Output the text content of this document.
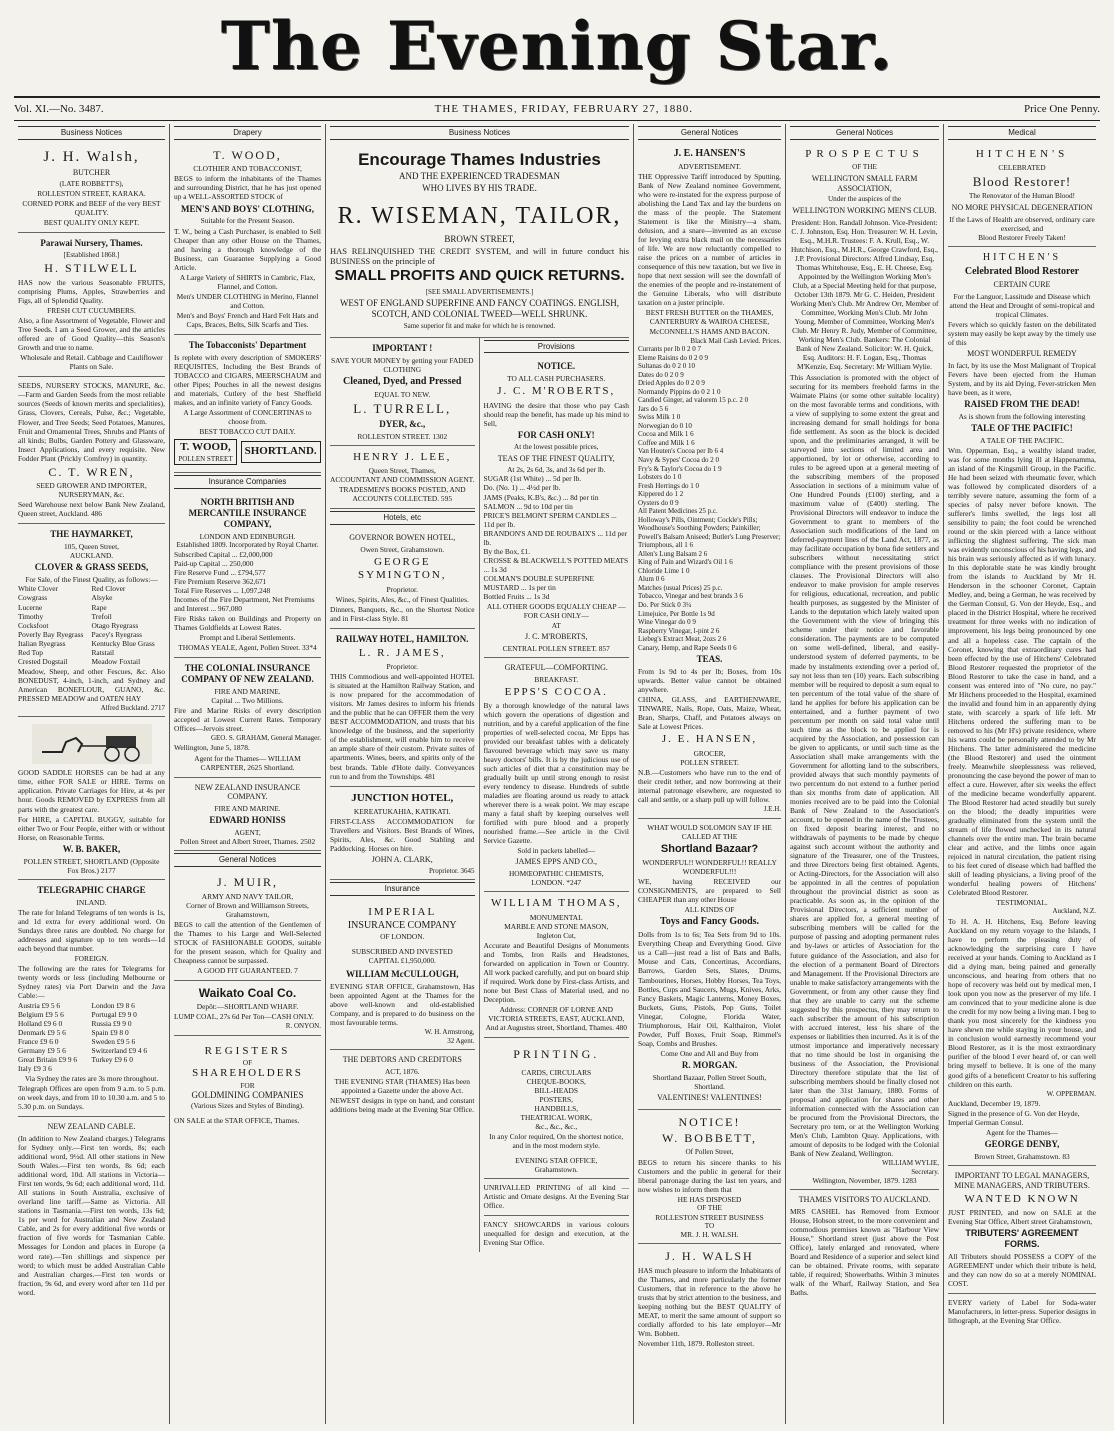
The Evening Star.
Vol. XI.—No. 3487.	THE THAMES, FRIDAY, FEBRUARY 27, 1880.	Price One Penny.
Business Notices
J. H. Walsh,
BUTCHER
(LATE ROBBETT'S),
ROLLESTON STREET, KARAKA.

CORNED PORK and BEEF of the very BEST QUALITY.

BEST QUALITY ONLY KEPT.

Parawai Nursery, Thames.
[Established 1868.]
H. STILWELL

HAS now the various Seasonable FRUITS, comprising Plums, Apples, Strawberries and Figs, all of Splendid Quality.

FRESH CUT CUCUMBERS.

Also, a fine Assortment of Vegetable, Flower and Tree Seeds. I am a Seed Grower, and the articles offered are of Good Quality—this Season's Growth and true to name.

Wholesale and Retail. Cabbage and Cauliflower Plants on Sale.

SEEDS, NURSERY STOCKS, MANURE, &c.—Farm and Garden Seeds from the most reliable sources (Seeds of known merits and specialities), Grass, Clovers, Cereals, Pulse, &c.; Vegetable, Flower, and Tree Seeds; Seed Potatoes, Manures, Fruit and Ornamental Trees, Shrubs and Plants of all kinds; Bulbs, Garden Pottery and Glassware, Insect Applications, and every requisite. New Fodder Plant (Prickly Comfrey) in quantity.

C. T. WREN,

SEED GROWER AND IMPORTER, NURSERYMAN, &c.

Seed Warehouse next below Bank New Zealand, Queen street, Auckland. 486

THE HAYMARKET,
105, Queen Street,
AUCKLAND.
CLOVER & GRASS SEEDS,
For Sale, of the Finest Quality, as follows:—
White Clover	Red Clover
Cowgrass	Alsyke
Lucerne	Rape
Timothy	Trefoil
Cocksfoot	Otago Ryegrass
Poverly Bay Ryegrass	Pacey's Ryegrass
Italian Ryegrass	Kentucky Blue Grass
Red Top	Ratstail
Crested Dogstail	Meadow Foxtail

Meadow, Sheep, and other Fescues, &c. Also BONEDUST, 4-inch, 1-inch, and Sydney and American BONEFLOUR, GUANO, &c. PRESSED MEADOW and OATEN HAY

Alfred Buckland. 2717

GOOD SADDLE HORSES can be had at any time, either FOR SALE or HIRE. Terms on application. Private Carriages for Hire, at 4s per hour. Goods REMOVED by EXPRESS from all parts with the greatest care.

For HIRE, a CAPITAL BUGGY, suitable for either Two or Four People, either with or without Horse, on Reasonable Terms.

W. B. BAKER,
POLLEN STREET, SHORTLAND (Opposite Fox Bros.) 2177
TELEGRAPHIC CHARGE
INLAND.

The rate for Inland Telegrams of ten words is 1s, and 1d extra for every additional word. On Sundays three rates are doubled. No charge for addresses and signature up to ten words—1d each beyond that number.

FOREIGN.

The following are the rates for Telegrams for twenty words or less (including Melbourne or Sydney rates) via Port Darwin and the Java Cable:—

Austria £9 5 6	London £9 8 6
Belgium £9 5 6	Portugal £9 9 0
Holland £9 6 0	Russia £9 9 0
Denmark £9 5 6	Spain £9 8 0
France £9 6 0	Sweden £9 5 6
Germany £9 5 6	Switzerland £9 4 6
Great Britain £9 9 6	Turkey £9 6 0
Italy £9 3 6

Via Sydney the rates are 3s more throughout.

Telegraph Offices are open from 9 a.m. to 5 p.m. on week days, and from 10 to 10.30 a.m. and 5 to 5.30 p.m. on Sundays.

NEW ZEALAND CABLE.

(In addition to New Zealand charges.) Telegrams for Sydney only.—First ten words, 8s; each additional word, 9½d. All other stations in New South Wales.—First ten words, 8s 6d; each additional word, 10d. All stations in Victoria—First ten words, 9s 6d; each additional word, 11d. All stations in South Australia, exclusive of overland line tariff.—Same as Victoria. All stations in Tasmania.—First ten words, 13s 6d; 1s per word for Australian and New Zealand Cable, and 2s for every additional five words or fraction of five words for Tasmanian Cable. Messages for London and places in Europe (a word rate).—Ten shillings and sixpence per word; to which must be added Australian Cable and Australian charges.—First ten words or fraction, 9s 6d, and every word after ten 11d per word.

Drapery
T. WOOD,
CLOTHIER AND TOBACCONIST,

BEGS to inform the inhabitants of the Thames and surrounding District, that he has just opened up a WELL-ASSORTED STOCK of

MEN'S AND BOYS' CLOTHING,
Suitable for the Present Season.

T. W., being a Cash Purchaser, is enabled to Sell Cheaper than any other House on the Thames, and having a thorough knowledge of the Business, can Guarantee Supplying a Good Article.

A Large Variety of SHIRTS in Cambric, Flax, Flannel, and Cotton.

Men's UNDER CLOTHING in Merino, Flannel and Cotton.

Men's and Boys' French and Hard Felt Hats and Caps, Braces, Belts, Silk Scarfs and Ties.

The Tobacconists' Department

Is replete with every description of SMOKERS' REQUISITES, Including the Best Brands of TOBACCO and CIGARS, MEERSCHAUM and other Pipes; Pouches in all the newest designs and materials, Cutlery of the best Sheffield makes, and an infinite variety of Fancy Goods.

A Large Assortment of CONCERTINAS to choose from.

BEST TOBACCO CUT DAILY.

T. WOOD,
POLLEN STREET
SHORTLAND.
Insurance Companies
NORTH BRITISH AND MERCANTILE INSURANCE COMPANY,
LONDON AND EDINBURGH.
Established 1809. Incorporated by Royal Charter.
Subscribed Capital ... £2,000,000
Paid-up Capital ... 250,000
Fire Reserve Fund ... £794,577
Fire Premium Reserve 362,671
Total Fire Reserves ... 1,097,248
Incomes of the Fire Department, Net Premiums and Interest ... 967,080

Fire Risks taken on Buildings and Property on Thames Goldfields at Lowest Rates.

Prompt and Liberal Settlements.

THOMAS YEALE, Agent, Pollen Street. 33*4

THE COLONIAL INSURANCE COMPANY OF NEW ZEALAND.
FIRE AND MARINE.
Capital ... Two Millions.

Fire and Marine Risks of every description accepted at Lowest Current Rates. Temporary Offices—Jervois street.

GEO. S. GRAHAM, General Manager.

Wellington, June 5, 1878.

Agent for the Thames— WILLIAM CARPENTER, 2625 Shortland.

NEW ZEALAND INSURANCE COMPANY.
FIRE AND MARINE.
EDWARD HONISS
AGENT,
Pollen Street and Albert Street, Thames. 2502
General Notices
J. MUIR,
ARMY AND NAVY TAILOR,
Corner of Brown and Williamson Streets, Grahamstown,

BEGS to call the attention of the Gentlemen of the Thames to his Large and Well-Selected STOCK of FASHIONABLE GOODS, suitable for the present season, which for Quality and Cheapness cannot be surpassed.

A GOOD FIT GUARANTEED. 7

Waikato Coal Co.
Depôt:—SHORTLAND WHARF.

LUMP COAL, 27s 6d Per Ton—CASH ONLY.

R. ONYON.
REGISTERS
OF
SHAREHOLDERS
FOR
GOLDMINING COMPANIES
(Various Sizes and Styles of Binding).

ON SALE at the STAR OFFICE, Thames.

Business Notices
Encourage Thames Industries
AND THE EXPERIENCED TRADESMAN
WHO LIVES BY HIS TRADE.
R. WISEMAN, TAILOR,
BROWN STREET,

HAS RELINQUISHED THE CREDIT SYSTEM, and will in future conduct his BUSINESS on the principle of

SMALL PROFITS AND QUICK RETURNS.
[SEE SMALL ADVERTISEMENTS.]
WEST OF ENGLAND SUPERFINE AND FANCY COATINGS. ENGLISH, SCOTCH, AND COLONIAL TWEED—WELL SHRUNK.
Same superior fit and make for which he is renowned.
IMPORTANT !

SAVE YOUR MONEY by getting your FADED CLOTHING

Cleaned, Dyed, and Pressed
EQUAL TO NEW.
L. TURRELL,
DYER, &c.,
ROLLESTON STREET. 1302
HENRY J. LEE,
Queen Street, Thames,
ACCOUNTANT AND COMMISSION AGENT.

TRADESMEN'S BOOKS POSTED, AND ACCOUNTS COLLECTED. 595

Hotels, etc
GOVERNOR BOWEN HOTEL,
Owen Street, Grahamstown.
GEORGE SYMINGTON,
Proprietor.

Wines, Spirits, Ales, &c., of Finest Qualities.

Dinners, Banquets, &c., on the Shortest Notice and in First-class Style. 81

RAILWAY HOTEL, HAMILTON.
L. R. JAMES,
Proprietor.

THIS Commodious and well-appointed HOTEL is situated at the Hamilton Railway Station, and is now prepared for the accommodation of visitors. Mr James desires to inform his friends and the public that he can OFFER them the very BEST ACCOMMODATION, and trusts that his knowledge of the business, and the superiority of the establishment, will enable him to receive an ample share of their custom. Private suites of apartments. Wines, beers, and spirits only of the best brands. Table d'Hote daily. Conveyances run to and from the Townships. 481

JUNCTION HOTEL,
KEREATUKAHIA, KATIKATI.

FIRST-CLASS ACCOMMODATION for Travellers and Visitors. Best Brands of Wines, Spirits, Ales, &c. Good Stabling and Paddocking. Horses on hire.

JOHN A. CLARK,
Proprietor. 3645
Insurance
IMPERIAL
INSURANCE COMPANY
OF LONDON.
SUBSCRIBED AND INVESTED
CAPITAL £1,950,000.
WILLIAM McCULLOUGH,

EVENING STAR OFFICE, Grahamstown, Has been appointed Agent at the Thames for the above well-known and old-established Company, and is prepared to do business on the most favourable terms.

W. H. Armstrong,
32 Agent.
THE DEBTORS AND CREDITORS
ACT, 1876.

THE EVENING STAR (THAMES) Has been appointed a Gazette under the above Act.

NEWEST designs in type on hand, and constant additions being made at the Evening Star Office.

Provisions
NOTICE.
TO ALL CASH PURCHASERS.
J. C. M'ROBERTS,

HAVING the desire that those who pay Cash should reap the benefit, has made up his mind to Sell,

FOR CASH ONLY!
At the lowest possible prices,
TEAS OF THE FINEST QUALITY,
At 2s, 2s 6d, 3s, and 3s 6d per lb.
SUGAR (1st White) ... 5d per lb.
Do. (No. 1) ... 4½d per lb.
JAMS (Peaks, K.B's, &c.) ... 8d per tin
SALMON ... 9d to 10d per tin
PRICE'S BELMONT SPERM CANDLES ... 11d per lb.
BRANDON'S AND DE ROUBAIX'S ... 11d per lb.
By the Box, £1.
CROSSE & BLACKWELL'S POTTED MEATS ... 1s 3d
COLMAN'S DOUBLE SUPERFINE MUSTARD ... 1s per tin
Bottled Fruits ... 1s 3d

ALL OTHER GOODS EQUALLY CHEAP —FOR CASH ONLY—

AT
J. C. M'ROBERTS,
CENTRAL POLLEN STREET. 857
GRATEFUL—COMFORTING.
BREAKFAST.
EPPS'S COCOA.

By a thorough knowledge of the natural laws which govern the operations of digestion and nutrition, and by a careful application of the fine properties of well-selected cocoa, Mr Epps has provided our breakfast tables with a delicately flavoured beverage which may save us many heavy doctors' bills. It is by the judicious use of such articles of diet that a constitution may be gradually built up until strong enough to resist every tendency to disease. Hundreds of subtle maladies are floating around us ready to attack wherever there is a weak point. We may escape many a fatal shaft by keeping ourselves well fortified with pure blood and a properly nourished frame.—See article in the Civil Service Gazette.

Sold in packets labelled—
JAMES EPPS AND CO.,
HOMŒOPATHIC CHEMISTS,
LONDON. *247
WILLIAM THOMAS,
MONUMENTAL
MARBLE AND STONE MASON,
Ingleton Cut,

Accurate and Beautiful Designs of Monuments and Tombs, Iron Rails and Headstones, forwarded on application in Town or Country. All work packed carefully, and put on board ship if required. Work done by First-class Artists, and none but Best Class of Material used, and no Deception.

Address: CORNER OF LORNE AND VICTORIA STREETS, EAST, AUCKLAND, And at Augustus street, Shortland, Thames. 480

PRINTING.
CARDS, CIRCULARS
CHEQUE-BOOKS,
BILL-HEADS
POSTERS,
HANDBILLS,
THEATRICAL WORK,
&c., &c., &c.,

In any Color required, On the shortest notice, and in the most modern style.

EVENING STAR OFFICE,
Grahamstown.

UNRIVALLED PRINTING of all kind — Artistic and Ornate designs. At the Evening Star Office.

FANCY SHOWCARDS in various colours unequalled for design and execution, at the Evening Star Office.

General Notices
J. E. HANSEN'S
ADVERTISEMENT.

THE Oppressive Tariff introduced by Sputting, Bank of New Zealand nominee Government, who were re-instated for the express purpose of abolishing the Land Tax and lay the burdens on the mass of the people. The Statement Statement is like the Ministry—a sham, delusion, and a snare—invented as an excuse for levying extra black mail on the necessaries of life. We are now reluctantly compelled to raise the prices on a number of articles in consequence of this new taxation, but we live in hope that next session will see the downfall of the enemies of the people and re-instatement of the Genuine Liberals, who will distribute taxation on a juster principle.

BEST FRESH BUTTER on the THAMES, CANTERBURY & WAIROA CHEESE, McCONNELL'S HAMS AND BACON.

Black Mail Cash Levied. Prices.
Currants per lb 0 2 0 7
Eleme Raisins do 0 2 0 9
Sultanas do 0 2 0 10
Dates do 0 2 0 9
Dried Apples do 0 2 0 9
Normandy Pippins do 0 2 1 0
Candied Ginger, ad valorem 15 p.c. 2 0
Jars do 5 6
Swiss Milk 1 0
Norwegian do 0 10
Cocoa and Milk 1 6
Coffee and Milk 1 6
Van Houten's Cocoa per lb 6 4
Navy & Sypes' Cocoa do 2 0
Fry's & Taylor's Cocoa do 1 9
Lobsters do 1 0
Fresh Herrings do 1 0
Kippered do 1 2
Oysters do 0 9
All Patent Medicines 25 p.c.
Holloway's Pills, Ointment; Cockle's Pills; Woodhouse's Soothing Powders; Painkiller; Powell's Balsam Aniseed; Butler's Lung Preserver; Triumphous, all 1 6
Allen's Lung Balsam 2 6
King of Pain and Wizard's Oil 1 6
Chloride Lime 1 0
Alum 0 6
Matches (usual Prices) 25 p.c.
Tobacco, Vinegar and best brands 3 6
Do. Per Stick 0 3¼
Limejuice, Per Bottle 1s 9d
Wine Vinegar do 0 9
Raspberry Vinegar, l-pint 2 6
Liebeg's Extract Meat, 2ozs 2 6
Canary, Hemp, and Rape Seeds 0 6
TEAS.

From 1s 9d to 4s per lb; Boxes, from 10s upwards. Better value cannot be obtained anywhere.

CHINA, GLASS, and EARTHENWARE, TINWARE, Nails, Rope, Oats, Maize, Wheat, Bran, Sharps, Chaff, and Potatoes always on Sale at Lowest Prices.

J. E. HANSEN,
GROCER,
POLLEN STREET.

N.B.—Customers who have run to the end of their credit tether, and now borrowing at their internal patronage elsewhere, are requested to call and settle, or a sharp pull up will follow.

J.E.H.

WHAT WOULD SOLOMON SAY IF HE CALLED AT THE

Shortland Bazaar?

WONDERFUL!! WONDERFUL!! REALLY WONDERFUL!!!

WE, having RECEIVED our CONSIGNMENTS, are prepared to Sell CHEAPER than any other House

ALL KINDS OF
Toys and Fancy Goods.

Dolls from 1s to 6s; Tea Sets from 9d to 10s. Everything Cheap and Everything Good. Give us a Call—just read a list of Bats and Balls, Mouse and Cats, Concertinas, Accordians, Barrows, Garden Sets, Slates, Drums, Tambourines, Horses, Hobby Horses, Tea Toys, Bottles, Cups and Saucers, Mugs, Knives, Arks, Fancy Baskets, Magic Lanterns, Money Boxes, Buckets, Guns, Pistols, Pop Guns, Toilet Vinegar, Cologne, Florida Water, Triumphorous, Hair Oil, Kalthairon, Violet Powder, Puff Boxes, Fruit Soap, Rimmel's Soap, Combs and Brushes.

Come One and All and Buy from
R. MORGAN.
Shortland Bazaar, Pollen Street South, Shortland.
VALENTINES! VALENTINES!
NOTICE!
W. BOBBETT,
Of Pollen Street,

BEGS to return his sincere thanks to his Customers and the public in general for their liberal patronage during the last ten years, and now wishes to inform them that

HE HAS DISPOSED
OF THE
ROLLESTON STREET BUSINESS
TO
MR. J. H. WALSH.
J. H. WALSH

HAS much pleasure to inform the Inhabitants of the Thames, and more particularly the former Customers, that in reference to the above he trusts that by strict attention to the business, and keeping nothing but the BEST QUALITY of MEAT, to merit the same amount of support so cordially afforded to his late employer—Mr Wm. Bobbett.

November 11th, 1879. Rolleston street.

General Notices
PROSPECTUS
OF THE
WELLINGTON SMALL FARM ASSOCIATION,
Under the auspices of the
WELLINGTON WORKING MEN'S CLUB.

President: Hon. Randall Johnson. Vice-President: C. J. Johnston, Esq. Hon. Treasurer: W. H. Levin, Esq., M.H.R. Trustees: F. A. Krull, Esq., W. Hutchison, Esq., M.H.R., George Crawford, Esq., J.P. Provisional Directors: Alfred Lindsay, Esq, Thomas Whitehouse, Esq., E. H. Cheese, Esq. Appointed by the Wellington Working Men's Club, at a Special Meeting held for that purpose, October 13th 1879. Mr G. C. Heiden, President Working Men's Club. Mr Andrew Orr, Member of Committee, Working Men's Club. Mr John Young, Member of Committee, Working Men's Club. Mr Henry R. Judy, Member of Committee, Working Men's Club. Bankers: The Colonial Bank of New Zealand. Solicitor: W. H. Quick, Esq. Auditors: H. F. Logan, Esq., Thomas M'Kenzie, Esq. Secretary: Mr William Wylie.

This Association is promoted with the object of securing for its members freehold farms in the Waimate Plains (or some other suitable locality) on the most favorable terms and conditions, with a view of supplying to some extent the great and increasing demand for small holdings for bona fide settlement. As soon as the block is decided upon, and the preliminaries arranged, it will be surveyed into sections of limited area and apportioned, by lot or otherwise, according to rules to be agreed upon at a general meeting of the subscribing members of the proposed Association in sections of a minimum value of One Hundred Pounds (£100) sterling, and a maximum value of (£400) sterling. The Provisional Directors will endeavor to induce the Government to grant to members of the Association such modifications of the land on deferred-payment lines of the Land Act, 1877, as may facilitate occupation by bona fide settlers and subscribers without necessitating strict compliance with the present provisions of those clauses. The Provisional Directors will also endeavor to make provision for ample reserves for religious, educational, recreation, and public health purposes, as suggested by the Minister of Lands to the deputation which lately waited upon the Government with the view of bringing this scheme under their notice and favorable consideration. The payments are to be computed on some well-defined, liberal, and easily-understood system of deferred payments, to be made by instalments extending over a period of, say not less than ten (10) years. Each subscribing member will be required to deposit a sum equal to ten percentum of the total value of the share of land he applies for before his application can be entertained, and a further payment of two percentum per month on said total value until such time as the block to be applied for is acquired by the Association, and possession can be given to applicants, or until such time as the Association shall make arrangements with the Government for allotting land to the subscribers, provided always that such monthly payments of two percentum do not extend to a further period than six months from date of application. All monies received are to be paid into the Colonial Bank of New Zealand to the Association's account, to be opened in the name of the Trustees, on fixed deposit bearing interest, and no withdrawals of payments to be made by cheque against such account without the authority and signature of the Treasurer, one of the Trustees, and three Directors being first obtained. Agents, or Acting-Directors, for the Association will also be appointed in all the centres of population throughout the provincial district as soon as practicable. As soon as, in the opinion of the Provisional Directors, a sufficient number of shares are applied for, a general meeting of subscribing members will be called for the purpose of passing and adopting permanent rules and by-laws or articles of Association for the future guidance of the Association, and also for the election of a permanent Board of Directors and Management. If the Provisional Directors are unable to make satisfactory arrangements with the Government, or from any other cause they find that they are unable to carry out the scheme suggested by this prospectus, they may return to each subscriber the amount of his subscription with accrued interest, less his share of the expenses or liabilities then incurred. As it is of the utmost importance and imperatively necessary that no time should be lost in organising the business of the Association, the Provisional Directory therefore stipulate that the list of subscribing members should be finally closed not later than the 31st January, 1880. Forms of proposal and application for shares and other information connected with the Association can be procured from the Provisional Directors, the Secretary pro tem, or at the Wellington Working Men's Club, Lambton Quay. Applications, with amount of deposits to be lodged with the Colonial Bank of New Zealand, Wellington.

WILLIAM WYLIE,
Secretary.
Wellington, November, 1879. 1283
THAMES VISITORS TO AUCKLAND.

MRS CASHEL has Removed from Exmoor House, Hobson street, to the more convenient and commodious premises known as "Harbour View House," Shortland street (just above the Post Office), lately enlarged and renovated, where Board and Residence of a superior and select kind can be obtained. Private rooms, with separate table, if required; Showerbaths. Within 3 minutes walk of the Wharf, Railway Station, and Sea Baths.

Medical
HITCHEN'S
CELEBRATED
Blood Restorer!
The Renovator of the Human Blood!
NO MORE PHYSICAL DEGENERATION
If the Laws of Health are observed, ordinary care exercised, and
Blood Restorer Freely Taken!
HITCHEN'S
Celebrated Blood Restorer
CERTAIN CURE

For the Languor, Lassitude and Disease which attend the Heat and Drought of semi-tropical and tropical Climates.

Fevers which so quickly fasten on the debilitated system may easily be kept away by the timely use of this

MOST WONDERFUL REMEDY

In fact, by its use the Most Malignant of Tropical Fevers have been ejected from the Human System, and by its aid Dying, Fever-stricken Men have been, as it were,

RAISED FROM THE DEAD!
As is shown from the following interesting
TALE OF THE PACIFIC!
A TALE OF THE PACIFIC.

Wm. Opperman, Esq., a wealthy island trader, was for some months lying ill at Happenamma, an island of the Kingsmill Group, in the Pacific. He had been seized with rheumatic fever, which was followed by complicated disorders of a terribly severe nature, assuming the form of a species of palsy never before known. The sufferer's limbs swelled, the legs lost all sensibility to pain; the foot could be wrenched round or the skin pierced with a lance without inflicting the slightest suffering. The sick man was evidently unconscious of his having legs, and his brain was seriously affected as if with lunacy. In this deplorable state he was kindly brought from the islands to Auckland by Mr H. Henderson in the schooner Coronet, Captain Medley, and, being a German, he was received by the German Consul, G. Von der Heyde, Esq., and placed in the District Hospital, where he received treatment for three weeks with no indication of improvement, his legs being pronounced by one and all a hopeless case. The captain of the Coronet, knowing that extraordinary cures had been effected by the use of Hitchens' Celebrated Blood Restorer requested the proprietor of the Blood Restorer to take the case in hand, and a consent was entered into of "No cure, no pay." Mr Hitchens proceeded to the Hospital, examined the invalid and found him in an apparently dying state, with scarcely a spark of life left. Mr Hitchens ordered the suffering man to be removed to his (Mr H's) private residence, where his wants could be personally attended to by Mr Hitchens. The latter administered the medicine (the Blood Restorer) and used the ointment freely. Meanwhile sleeplessness was relieved, pronouncing the case beyond the power of man to effect a cure. However, after six weeks the effect of the medicine became wonderfully apparent. The Blood Restorer had acted steadily but surely on the blood; the deadly impurities were gradually eliminated from the system until the stream of life flowed unchecked in its natural channels over the entire man. The brain became clear and active, and the limbs once again rejoiced in natural circulation, the patient rising to his feet cured of disease which had baffled the skill of leading physicians, a living proof of the wonderful healing powers of Hitchens' Celebrated Blood Restorer.

TESTIMONIAL.
Auckland, N.Z.

To H. A. H. Hitchens, Esq. Before leaving Auckland on my return voyage to the Islands, I have to perform the pleasing duty of acknowledging the surprising cure I have received at your hands. Coming to Auckland as I did a dying man, being pained and generally unconscious, and hearing from others that no hope of recovery was held out by medical men, I look upon you now as the preserver of my life. I am convinced that to your medicine alone is due the credit for my now being a living man. I beg to thank you most sincerely for the kindness you have shewn me while staying in your house, and in conclusion would earnestly recommend your Blood Restorer, as it is the most extraordinary purifier of the blood I ever heard of, or can well bring myself to believe. It is one of the many good gifts of a beneficent Creator to his suffering children on this earth.

W. OPPERMAN.

Auckland, December 19, 1879.

Signed in the presence of G. Von der Heyde, Imperial German Consul.

Agent for the Thames—
GEORGE DENBY,
Brown Street, Grahamstown. 83
IMPORTANT TO LEGAL MANAGERS, MINE MANAGERS, AND TRIBUTERS.
WANTED KNOWN

JUST PRINTED, and now on SALE at the Evening Star Office, Albert street Grahamstown,

TRIBUTERS' AGREEMENT FORMS.

All Tributers should POSSESS a COPY of the AGREEMENT under which their tribute is held, and they can now do so at a merely NOMINAL COST.

EVERY variety of Label for Soda-water Manufacturers, in letter-press. Superior designs in lithograph, at the Evening Star Office.
